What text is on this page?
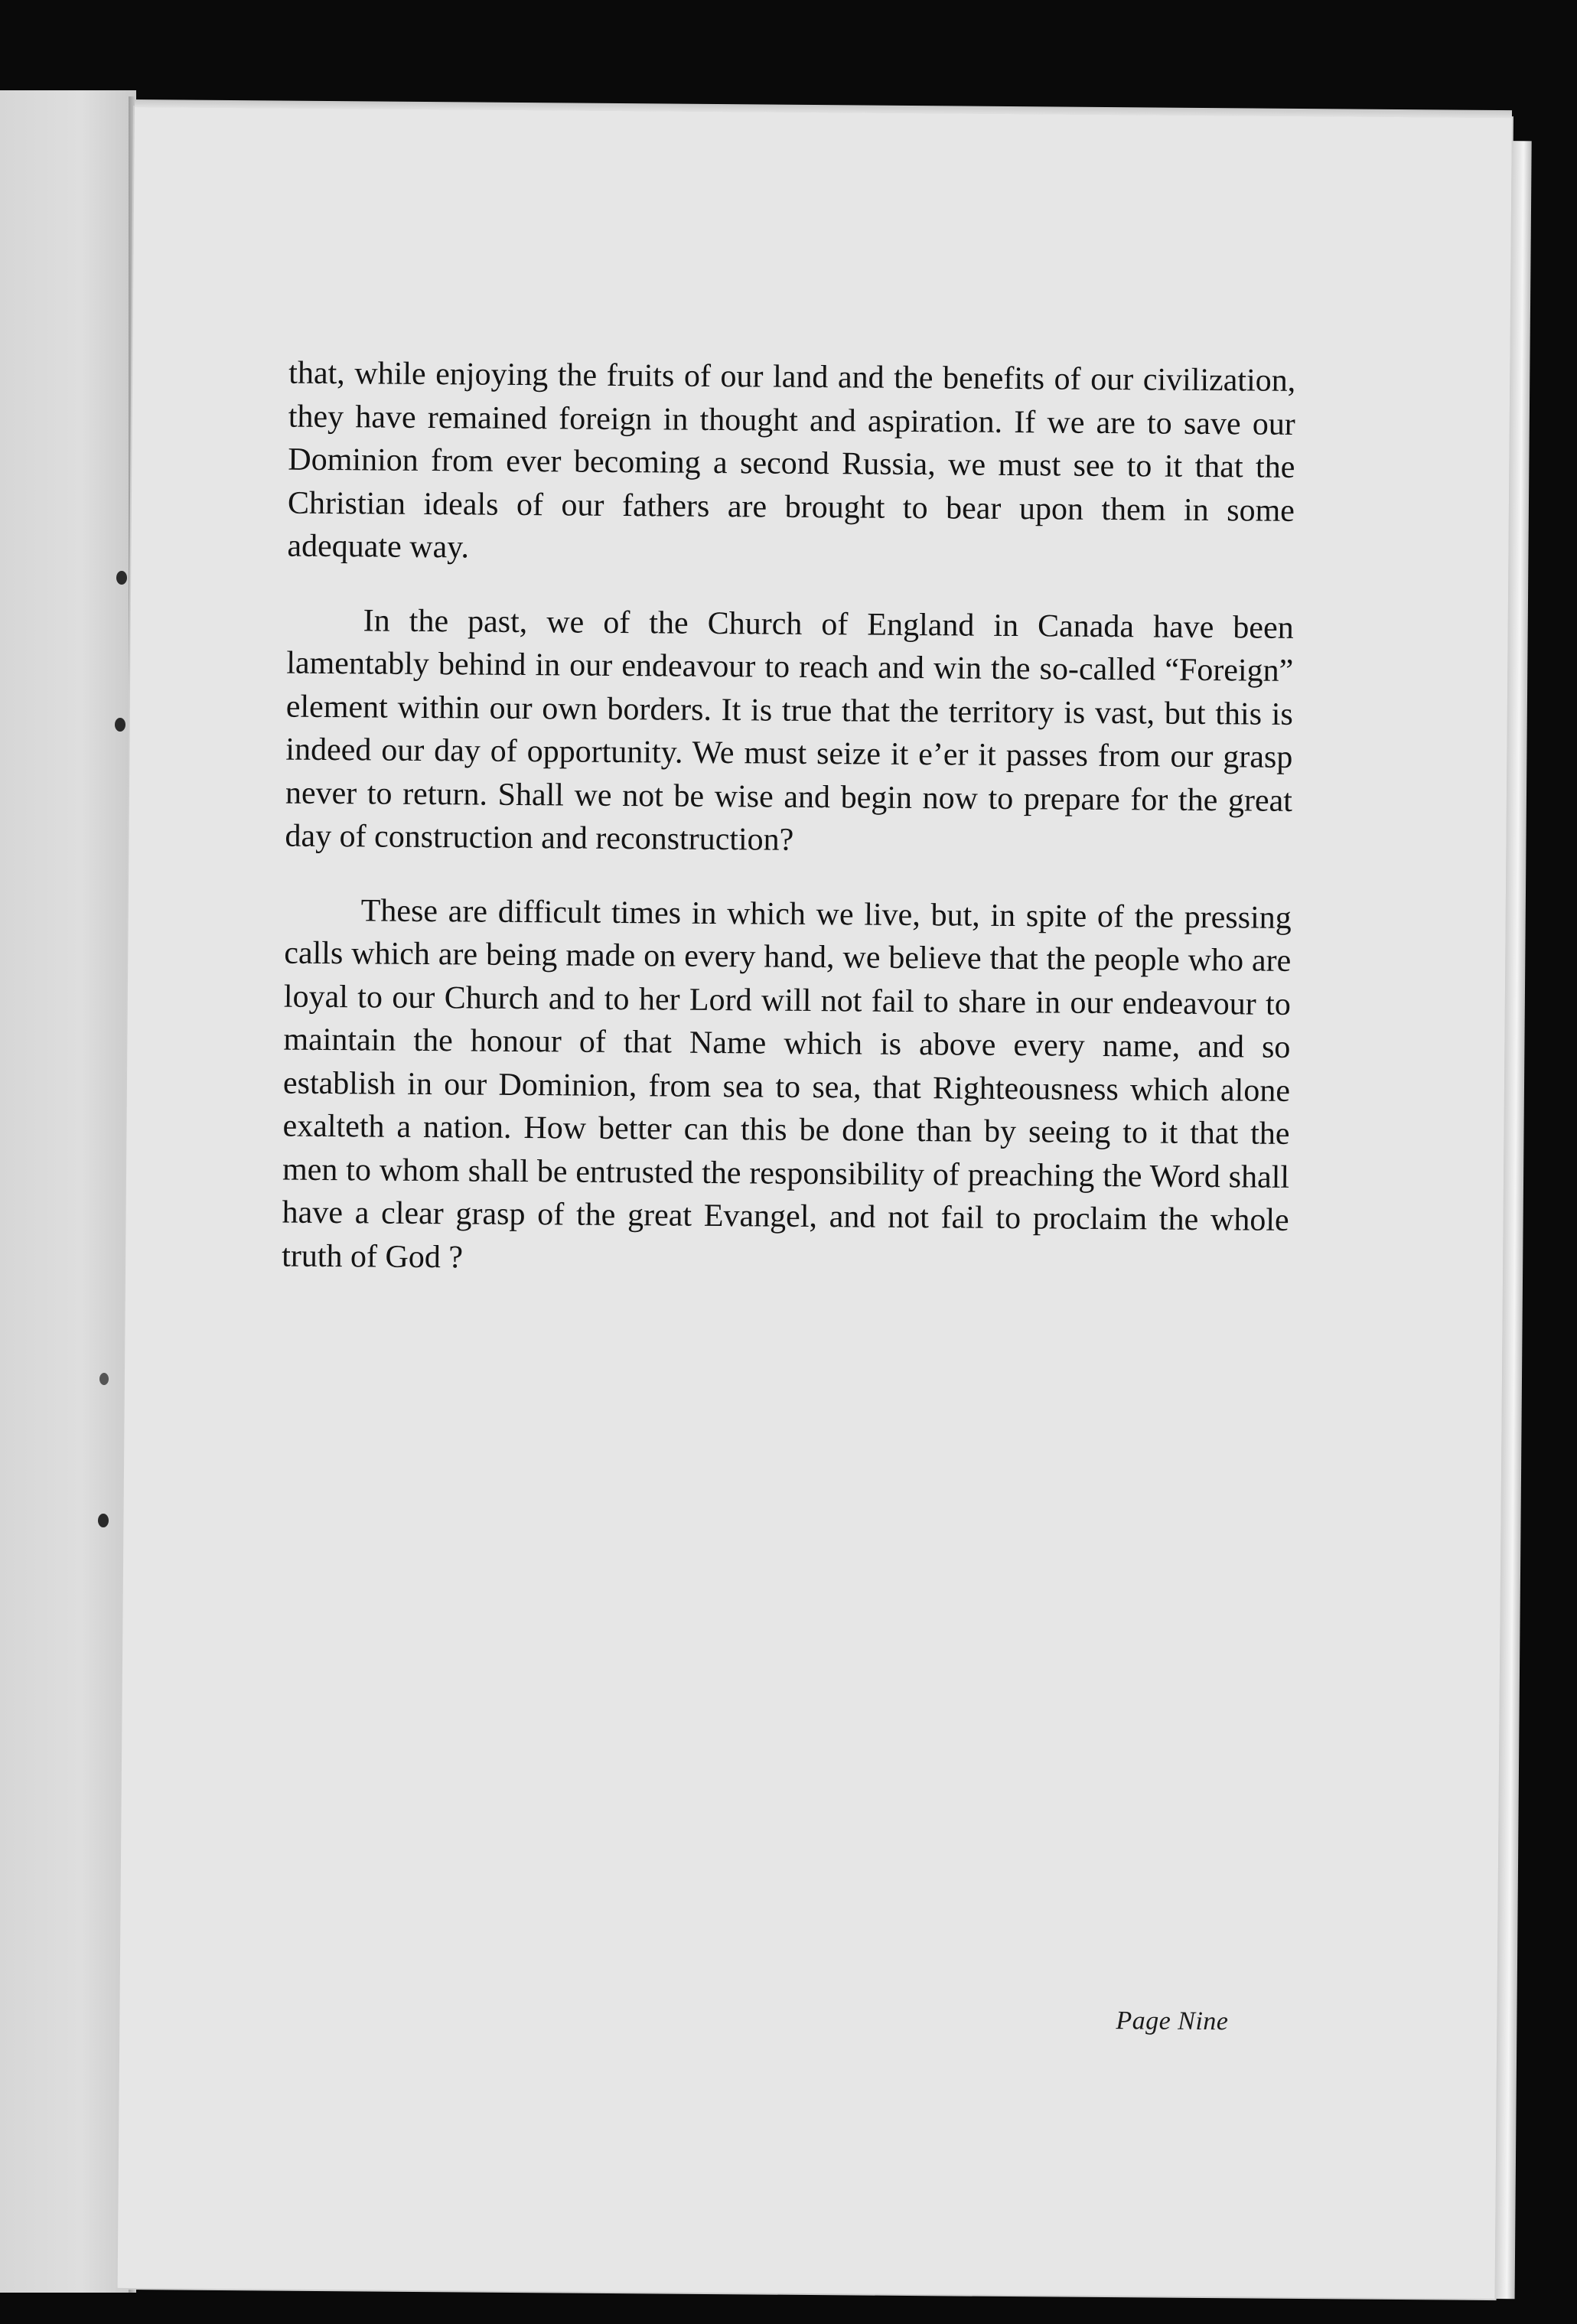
that, while enjoying the fruits of our land and the benefits of our civilization, they have remained foreign in thought and aspiration. If we are to save our Dominion from ever becoming a second Russia, we must see to it that the Christian ideals of our fathers are brought to bear upon them in some adequate way.

In the past, we of the Church of England in Canada have been lamentably behind in our endeavour to reach and win the so-called “Foreign” element within our own borders. It is true that the territory is vast, but this is indeed our day of opportunity. We must seize it e’er it passes from our grasp never to return. Shall we not be wise and begin now to prepare for the great day of construction and reconstruction?

These are difficult times in which we live, but, in spite of the pressing calls which are being made on every hand, we believe that the people who are loyal to our Church and to her Lord will not fail to share in our endeavour to maintain the honour of that Name which is above every name, and so establish in our Dominion, from sea to sea, that Righteousness which alone exalteth a nation. How better can this be done than by seeing to it that the men to whom shall be entrusted the responsibility of preaching the Word shall have a clear grasp of the great Evangel, and not fail to proclaim the whole truth of God ?

Page Nine
